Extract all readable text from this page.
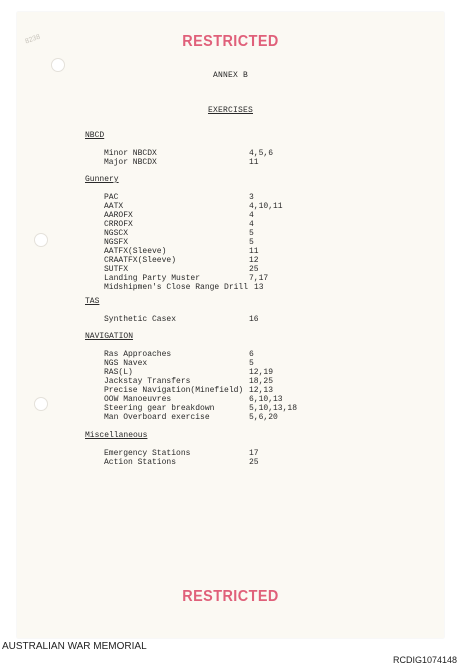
8238	RESTRICTED
ANNEX B
EXERCISES
NBCD
Minor NBCDX	4,5,6
Major NBCDX	11
Gunnery
PAC	3
AATX	4,10,11
AAROFX	4
CRROFX	4
NGSCX	5
NGSFX	5
AATFX(Sleeve)	11
CRAATFX(Sleeve)	12
SUTFX	25
Landing Party Muster	7,17
Midshipmen's Close Range Drill 13
TAS
Synthetic Casex	16
NAVIGATION
Ras Approaches	6
NGS Navex	5
RAS(L)	12,19
Jackstay Transfers	18,25
Precise Navigation(Minefield) 12,13
OOW Manoeuvres	6,10,13
Steering gear breakdown	5,10,13,18
Man Overboard exercise	5,6,20
Miscellaneous
Emergency Stations	17
Action Stations	25
RESTRICTED
AUSTRALIAN WAR MEMORIAL
RCDIG1074148
